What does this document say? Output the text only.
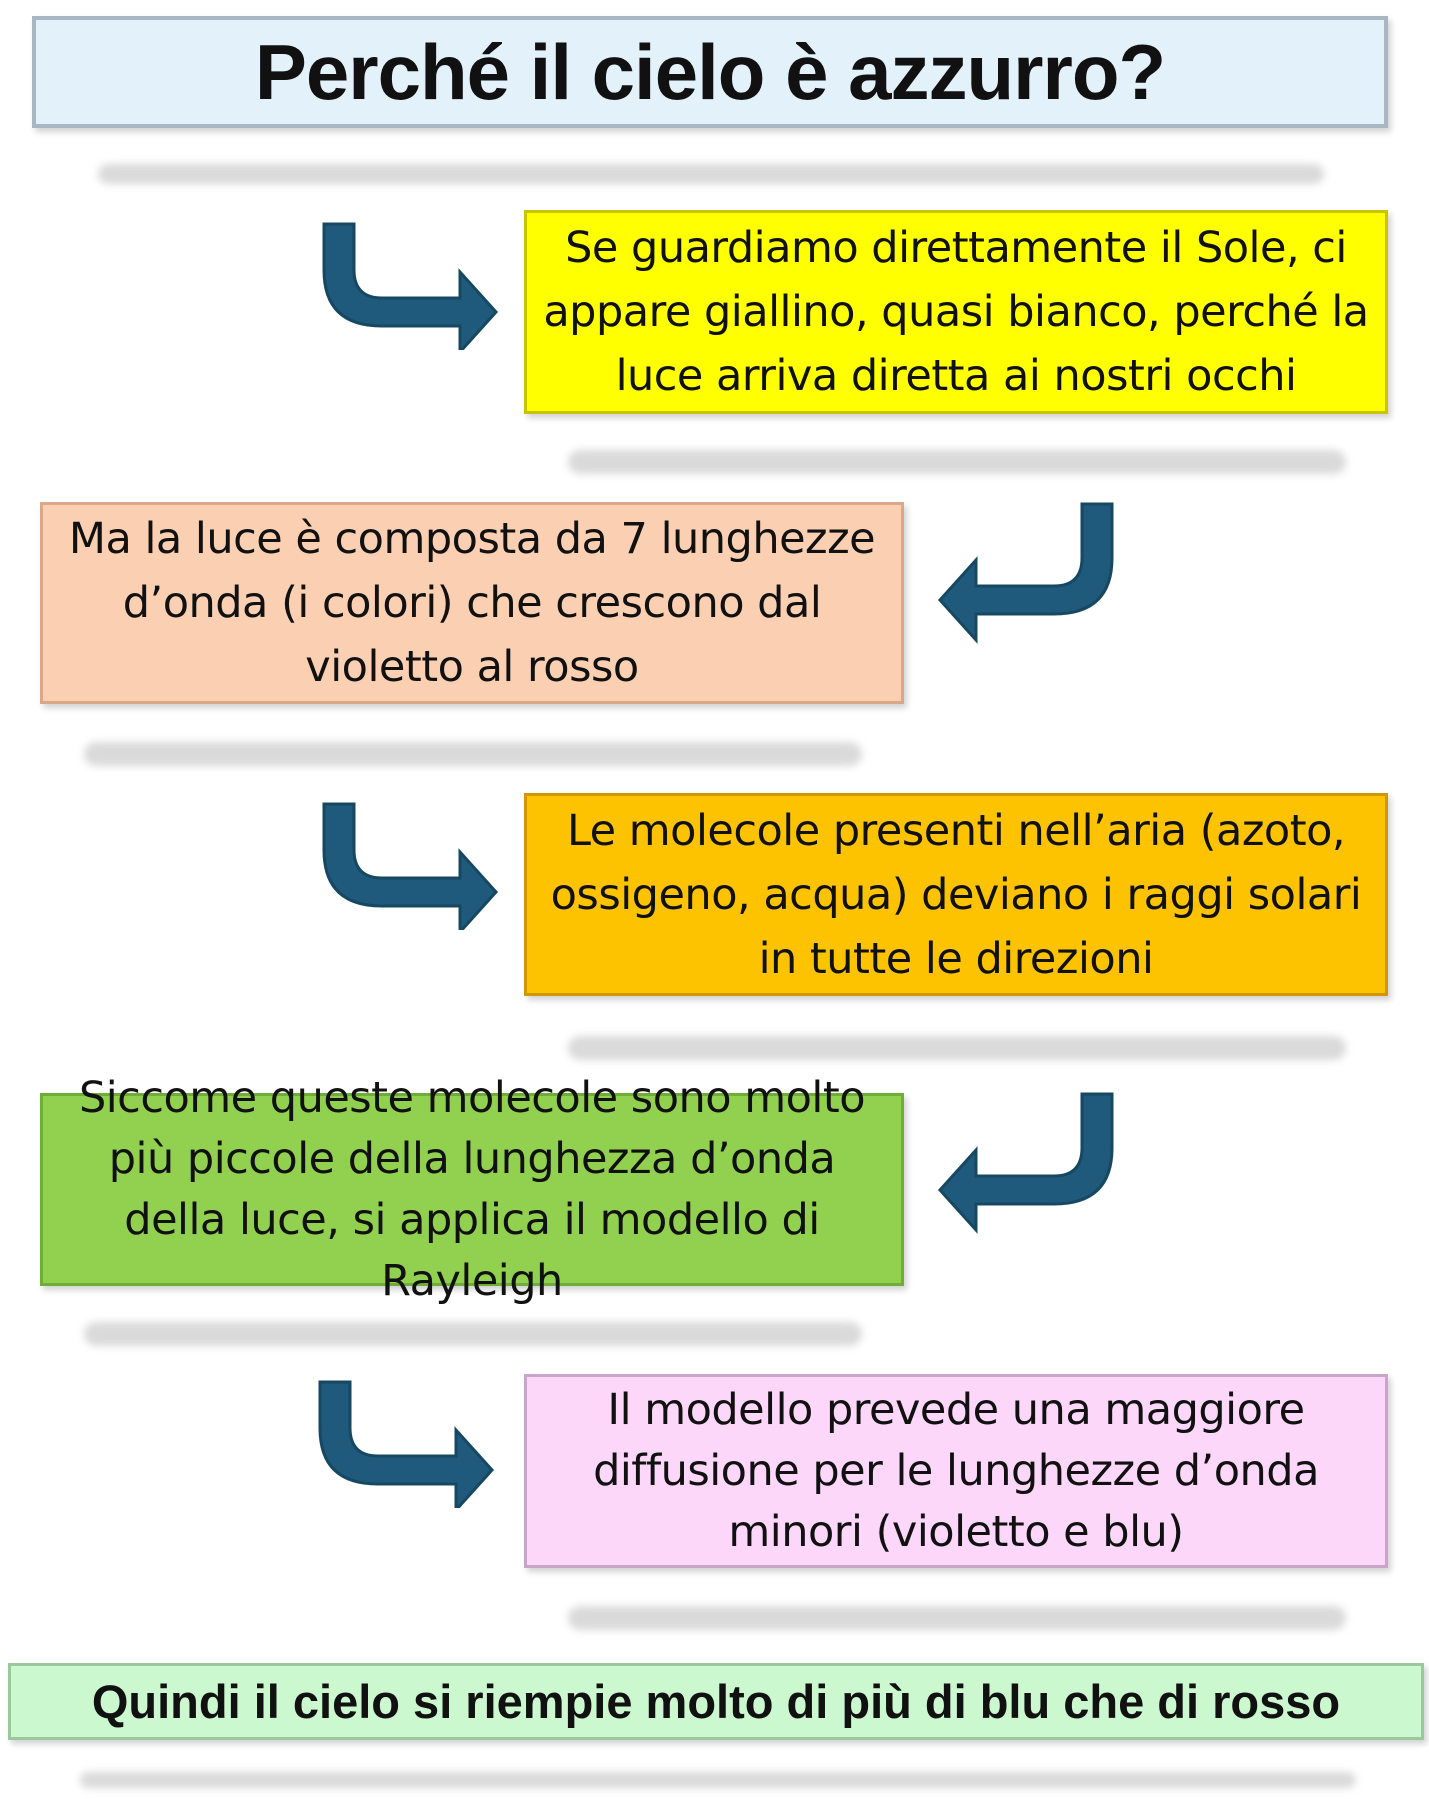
Perché il cielo è azzurro?
Se guardiamo direttamente il Sole, ci appare giallino, quasi bianco, perché la luce arriva diretta ai nostri occhi
Ma la luce è composta da 7 lunghezze d’onda (i colori) che crescono dal violetto al rosso
Le molecole presenti nell’aria (azoto, ossigeno, acqua) deviano i raggi solari in tutte le direzioni
Siccome queste molecole sono molto più piccole della lunghezza d’onda della luce, si applica il modello di Rayleigh
Il modello prevede una maggiore diffusione per le lunghezze d’onda minori (violetto e blu)
Quindi il cielo si riempie molto di più di blu che di rosso
